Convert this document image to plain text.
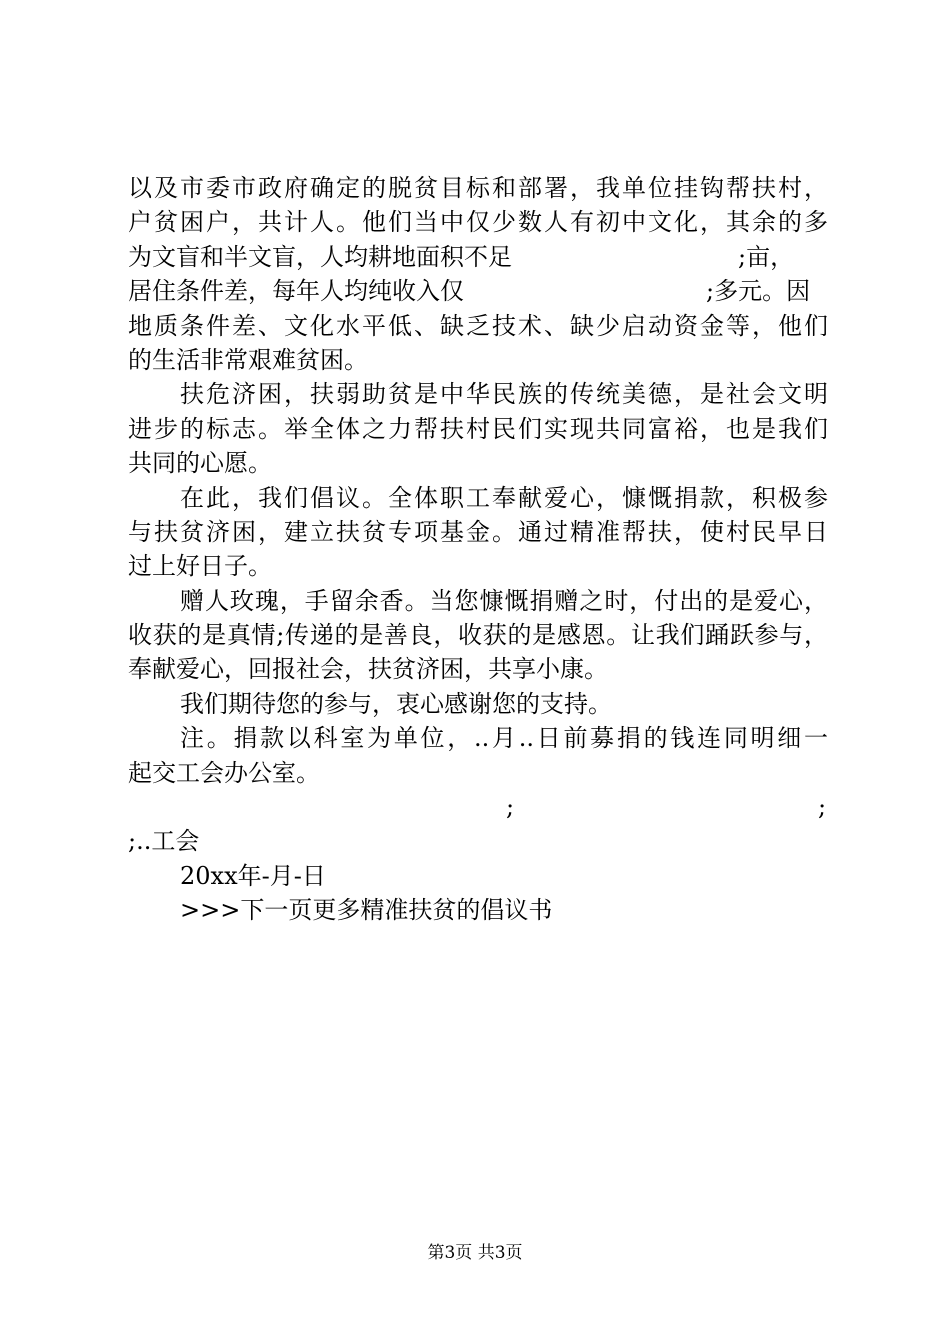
以及市委市政府确定的脱贫目标和部署，我单位挂钩帮扶村，
户贫困户，共计人。他们当中仅少数人有初中文化，其余的多
为文盲和半文盲，人均耕地面积不足	;亩，
居住条件差，每年人均纯收入仅	;多元。因
地质条件差、文化水平低、缺乏技术、缺少启动资金等，他们
的生活非常艰难贫困。
扶危济困，扶弱助贫是中华民族的传统美德，是社会文明
进步的标志。举全体之力帮扶村民们实现共同富裕，也是我们
共同的心愿。
在此，我们倡议。全体职工奉献爱心，慷慨捐款，积极参
与扶贫济困，建立扶贫专项基金。通过精准帮扶，使村民早日
过上好日子。
赠人玫瑰，手留余香。当您慷慨捐赠之时，付出的是爱心，
收获的是真情;传递的是善良，收获的是感恩。让我们踊跃参与，
奉献爱心，回报社会，扶贫济困，共享小康。
我们期待您的参与，衷心感谢您的支持。
注。捐款以科室为单位，..月..日前募捐的钱连同明细一
起交工会办公室。
;	;
;..工会
20xx年-月-日
>>>下一页更多精准扶贫的倡议书
第3页 共3页
